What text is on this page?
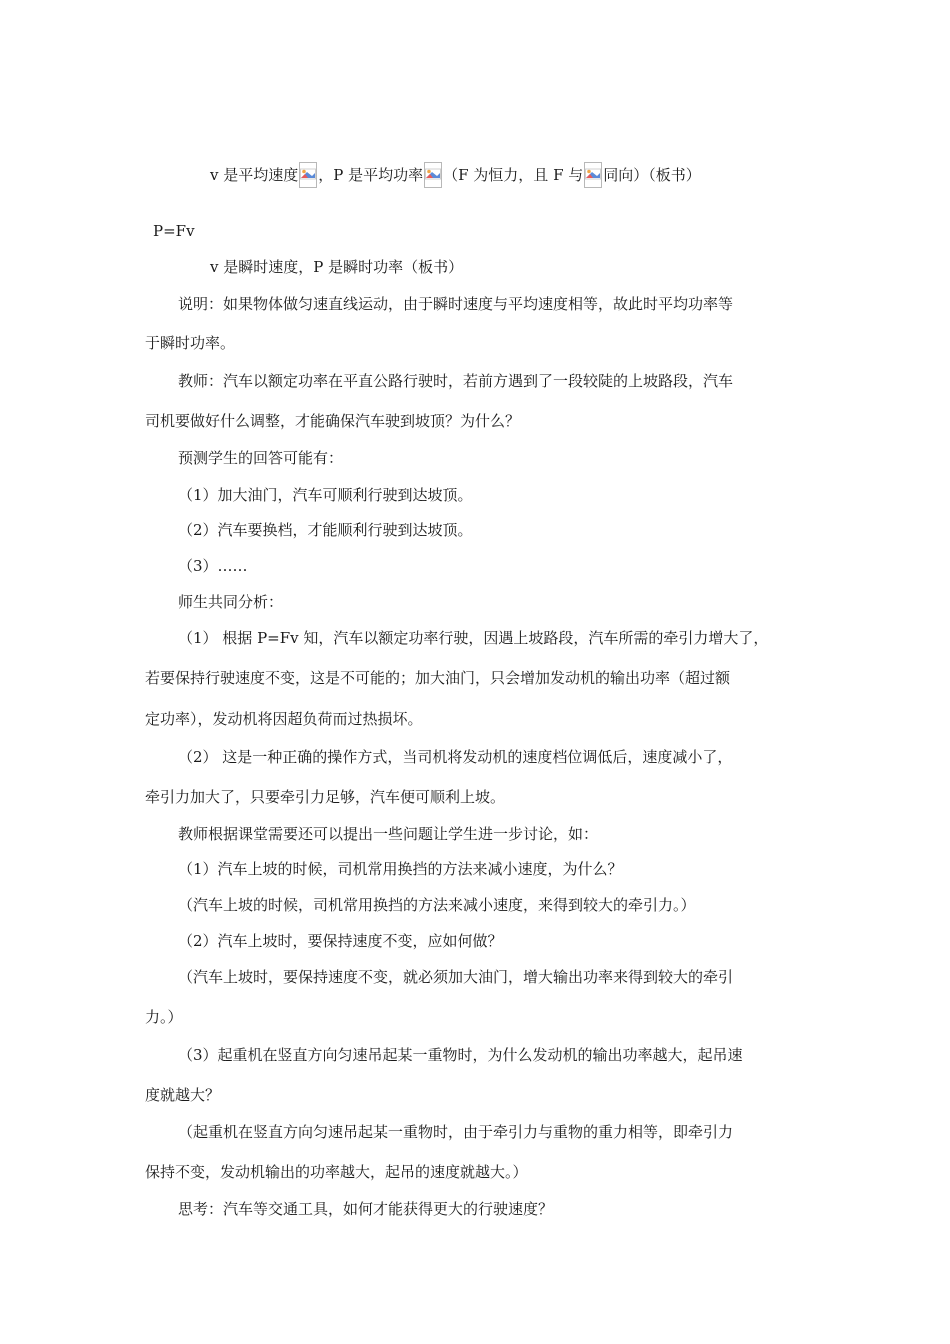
v 是平均速度 ，P 是平均功率 （F 为恒力，且 F 与 同向）（板书）
P=Fv
v 是瞬时速度，P 是瞬时功率（板书）
说明：如果物体做匀速直线运动，由于瞬时速度与平均速度相等，故此时平均功率等
于瞬时功率。
教师：汽车以额定功率在平直公路行驶时，若前方遇到了一段较陡的上坡路段，汽车
司机要做好什么调整，才能确保汽车驶到坡顶？为什么？
预测学生的回答可能有：
（1）加大油门，汽车可顺利行驶到达坡顶。
（2）汽车要换档，才能顺利行驶到达坡顶。
（3）……
师生共同分析：
（1） 根据 P=Fv 知，汽车以额定功率行驶，因遇上坡路段，汽车所需的牵引力增大了，
若要保持行驶速度不变，这是不可能的；加大油门，只会增加发动机的输出功率（超过额
定功率），发动机将因超负荷而过热损坏。
（2） 这是一种正确的操作方式，当司机将发动机的速度档位调低后，速度减小了，
牵引力加大了，只要牵引力足够，汽车便可顺利上坡。
教师根据课堂需要还可以提出一些问题让学生进一步讨论，如：
（1）汽车上坡的时候，司机常用换挡的方法来减小速度，为什么？
（汽车上坡的时候，司机常用换挡的方法来减小速度，来得到较大的牵引力。）
（2）汽车上坡时，要保持速度不变，应如何做？
（汽车上坡时，要保持速度不变，就必须加大油门，增大输出功率来得到较大的牵引
力。）
（3）起重机在竖直方向匀速吊起某一重物时，为什么发动机的输出功率越大，起吊速
度就越大？
（起重机在竖直方向匀速吊起某一重物时，由于牵引力与重物的重力相等，即牵引力
保持不变，发动机输出的功率越大，起吊的速度就越大。）
思考：汽车等交通工具，如何才能获得更大的行驶速度？
